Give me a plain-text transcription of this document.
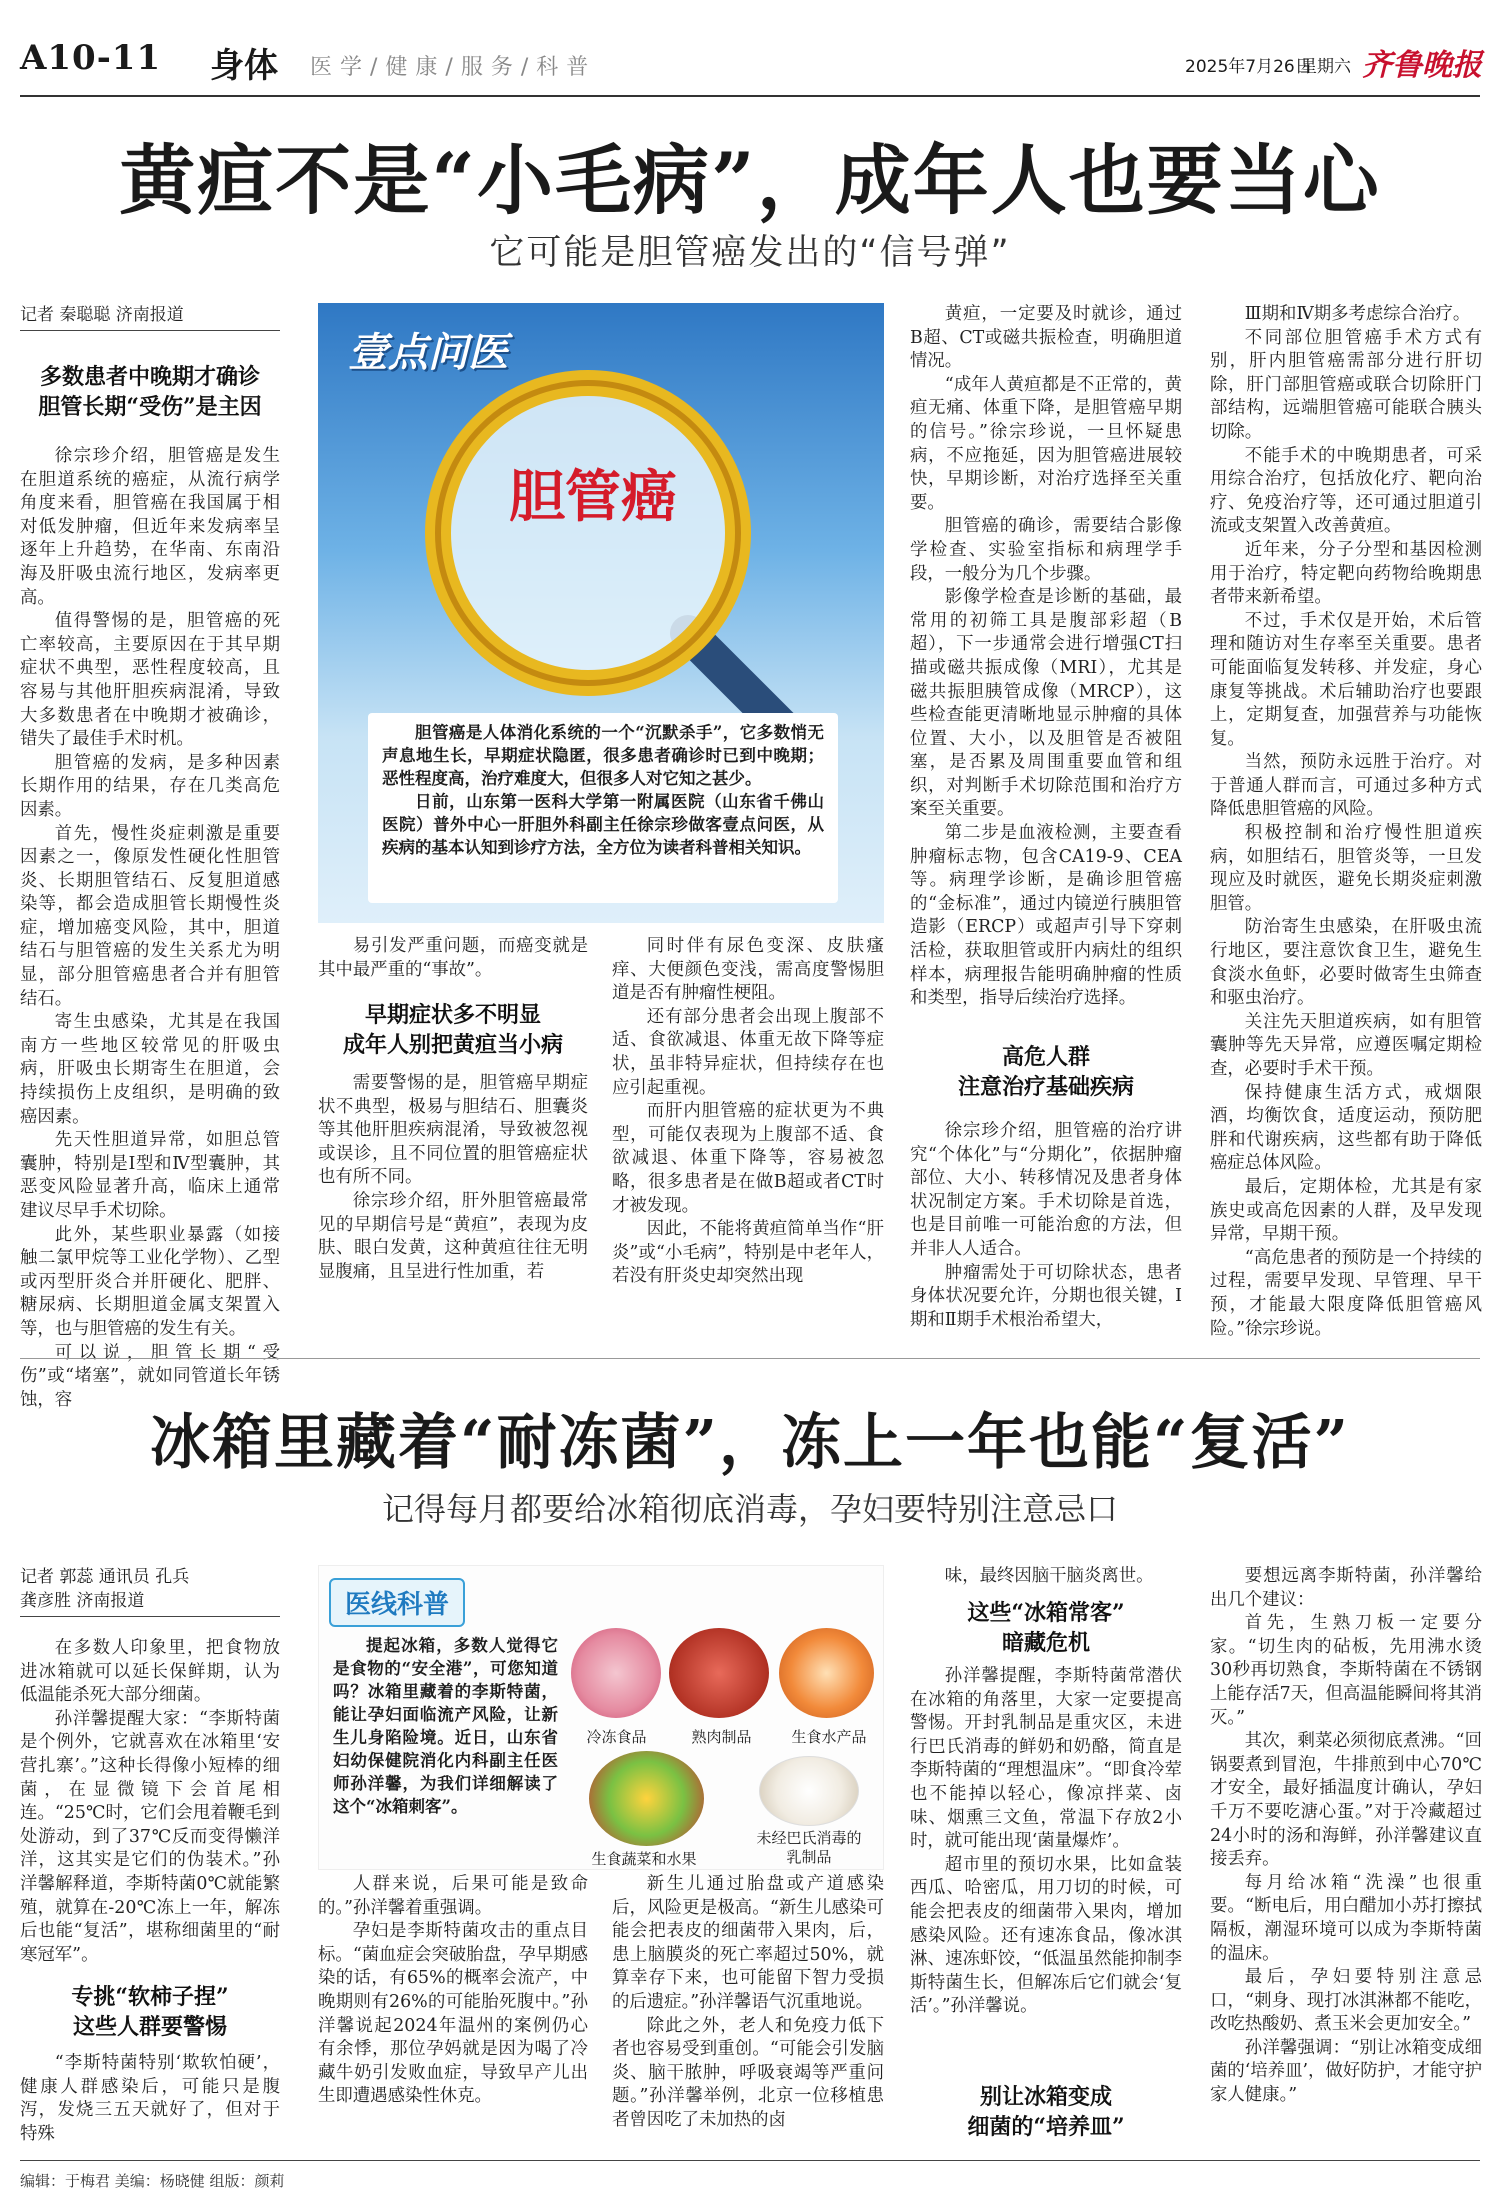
A10-11 身体 医学/健康/服务/科普	2025年7月26日
星期六 齐鲁晚报
黄疸不是“小毛病”，成年人也要当心
它可能是胆管癌发出的“信号弹”
记者 秦聪聪 济南报道
多数患者中晚期才确诊
胆管长期“受伤”是主因

徐宗珍介绍，胆管癌是发生在胆道系统的癌症，从流行病学角度来看，胆管癌在我国属于相对低发肿瘤，但近年来发病率呈逐年上升趋势，在华南、东南沿海及肝吸虫流行地区，发病率更高。

值得警惕的是，胆管癌的死亡率较高，主要原因在于其早期症状不典型，恶性程度较高，且容易与其他肝胆疾病混淆，导致大多数患者在中晚期才被确诊，错失了最佳手术时机。

胆管癌的发病，是多种因素长期作用的结果，存在几类高危因素。

首先，慢性炎症刺激是重要因素之一，像原发性硬化性胆管炎、长期胆管结石、反复胆道感染等，都会造成胆管长期慢性炎症，增加癌变风险，其中，胆道结石与胆管癌的发生关系尤为明显，部分胆管癌患者合并有胆管结石。

寄生虫感染，尤其是在我国南方一些地区较常见的肝吸虫病，肝吸虫长期寄生在胆道，会持续损伤上皮组织，是明确的致癌因素。

先天性胆道异常，如胆总管囊肿，特别是Ⅰ型和Ⅳ型囊肿，其恶变风险显著升高，临床上通常建议尽早手术切除。

此外，某些职业暴露（如接触二氯甲烷等工业化学物）、乙型或丙型肝炎合并肝硬化、肥胖、糖尿病、长期胆道金属支架置入等，也与胆管癌的发生有关。

可以说，胆管长期“受伤”或“堵塞”，就如同管道长年锈蚀，容

壹点问医
胆管癌

胆管癌是人体消化系统的一个“沉默杀手”，它多数悄无声息地生长，早期症状隐匿，很多患者确诊时已到中晚期；恶性程度高，治疗难度大，但很多人对它知之甚少。

日前，山东第一医科大学第一附属医院（山东省千佛山医院）普外中心一肝胆外科副主任徐宗珍做客壹点问医，从疾病的基本认知到诊疗方法，全方位为读者科普相关知识。

易引发严重问题，而癌变就是其中最严重的“事故”。

早期症状多不明显
成年人别把黄疸当小病

需要警惕的是，胆管癌早期症状不典型，极易与胆结石、胆囊炎等其他肝胆疾病混淆，导致被忽视或误诊，且不同位置的胆管癌症状也有所不同。

徐宗珍介绍，肝外胆管癌最常见的早期信号是“黄疸”，表现为皮肤、眼白发黄，这种黄疸往往无明显腹痛，且呈进行性加重，若

同时伴有尿色变深、皮肤瘙痒、大便颜色变浅，需高度警惕胆道是否有肿瘤性梗阻。

还有部分患者会出现上腹部不适、食欲减退、体重无故下降等症状，虽非特异症状，但持续存在也应引起重视。

而肝内胆管癌的症状更为不典型，可能仅表现为上腹部不适、食欲减退、体重下降等，容易被忽略，很多患者是在做B超或者CT时才被发现。

因此，不能将黄疸简单当作“肝炎”或“小毛病”，特别是中老年人，若没有肝炎史却突然出现

黄疸，一定要及时就诊，通过B超、CT或磁共振检查，明确胆道情况。

“成年人黄疸都是不正常的，黄疸无痛、体重下降，是胆管癌早期的信号。”徐宗珍说，一旦怀疑患病，不应拖延，因为胆管癌进展较快，早期诊断，对治疗选择至关重要。

胆管癌的确诊，需要结合影像学检查、实验室指标和病理学手段，一般分为几个步骤。

影像学检查是诊断的基础，最常用的初筛工具是腹部彩超（B超），下一步通常会进行增强CT扫描或磁共振成像（MRI），尤其是磁共振胆胰管成像（MRCP），这些检查能更清晰地显示肿瘤的具体位置、大小，以及胆管是否被阻塞，是否累及周围重要血管和组织，对判断手术切除范围和治疗方案至关重要。

第二步是血液检测，主要查看肿瘤标志物，包含CA19-9、CEA等。病理学诊断，是确诊胆管癌的“金标准”，通过内镜逆行胰胆管造影（ERCP）或超声引导下穿刺活检，获取胆管或肝内病灶的组织样本，病理报告能明确肿瘤的性质和类型，指导后续治疗选择。

高危人群
注意治疗基础疾病

徐宗珍介绍，胆管癌的治疗讲究“个体化”与“分期化”，依据肿瘤部位、大小、转移情况及患者身体状况制定方案。手术切除是首选，也是目前唯一可能治愈的方法，但并非人人适合。

肿瘤需处于可切除状态，患者身体状况要允许，分期也很关键，Ⅰ期和Ⅱ期手术根治希望大，

Ⅲ期和Ⅳ期多考虑综合治疗。

不同部位胆管癌手术方式有别，肝内胆管癌需部分进行肝切除，肝门部胆管癌或联合切除肝门部结构，远端胆管癌可能联合胰头切除。

不能手术的中晚期患者，可采用综合治疗，包括放化疗、靶向治疗、免疫治疗等，还可通过胆道引流或支架置入改善黄疸。

近年来，分子分型和基因检测用于治疗，特定靶向药物给晚期患者带来新希望。

不过，手术仅是开始，术后管理和随访对生存率至关重要。患者可能面临复发转移、并发症，身心康复等挑战。术后辅助治疗也要跟上，定期复查，加强营养与功能恢复。

当然，预防永远胜于治疗。对于普通人群而言，可通过多种方式降低患胆管癌的风险。

积极控制和治疗慢性胆道疾病，如胆结石，胆管炎等，一旦发现应及时就医，避免长期炎症刺激胆管。

防治寄生虫感染，在肝吸虫流行地区，要注意饮食卫生，避免生食淡水鱼虾，必要时做寄生虫筛查和驱虫治疗。

关注先天胆道疾病，如有胆管囊肿等先天异常，应遵医嘱定期检查，必要时手术干预。

保持健康生活方式，戒烟限酒，均衡饮食，适度运动，预防肥胖和代谢疾病，这些都有助于降低癌症总体风险。

最后，定期体检，尤其是有家族史或高危因素的人群，及早发现异常，早期干预。

“高危患者的预防是一个持续的过程，需要早发现、早管理、早干预，才能最大限度降低胆管癌风险。”徐宗珍说。

冰箱里藏着“耐冻菌”，冻上一年也能“复活”
记得每月都要给冰箱彻底消毒，孕妇要特别注意忌口
记者 郭蕊 通讯员 孔兵
龚彦胜 济南报道

在多数人印象里，把食物放进冰箱就可以延长保鲜期，认为低温能杀死大部分细菌。

孙洋馨提醒大家：“李斯特菌是个例外，它就喜欢在冰箱里‘安营扎寨’。”这种长得像小短棒的细菌，在显微镜下会首尾相连。“25℃时，它们会甩着鞭毛到处游动，到了37℃反而变得懒洋洋，这其实是它们的伪装术。”孙洋馨解释道，李斯特菌0℃就能繁殖，就算在-20℃冻上一年，解冻后也能“复活”，堪称细菌里的“耐寒冠军”。

专挑“软柿子捏”
这些人群要警惕

“李斯特菌特别‘欺软怕硬’，健康人群感染后，可能只是腹泻，发烧三五天就好了，但对于特殊

医线科普
提起冰箱，多数人觉得它是食物的“安全港”，可您知道吗？冰箱里藏着的李斯特菌，能让孕妇面临流产风险，让新生儿身陷险境。近日，山东省妇幼保健院消化内科副主任医师孙洋馨，为我们详细解读了这个“冰箱刺客”。
冷冻食品	熟肉制品	生食水产品
生食蔬菜和水果
未经巴氏消毒的
乳制品

人群来说，后果可能是致命的。”孙洋馨着重强调。

孕妇是李斯特菌攻击的重点目标。“菌血症会突破胎盘，孕早期感染的话，有65%的概率会流产，中晚期则有26%的可能胎死腹中。”孙洋馨说起2024年温州的案例仍心有余悸，那位孕妈就是因为喝了冷藏牛奶引发败血症，导致早产儿出生即遭遇感染性休克。

新生儿通过胎盘或产道感染后，风险更是极高。“新生儿感染可能会把表皮的细菌带入果肉，后，患上脑膜炎的死亡率超过50%，就算幸存下来，也可能留下智力受损的后遗症。”孙洋馨语气沉重地说。

除此之外，老人和免疫力低下者也容易受到重创。“可能会引发脑炎、脑干脓肿，呼吸衰竭等严重问题。”孙洋馨举例，北京一位移植患者曾因吃了未加热的卤

味，最终因脑干脑炎离世。

这些“冰箱常客”
暗藏危机

孙洋馨提醒，李斯特菌常潜伏在冰箱的角落里，大家一定要提高警惕。开封乳制品是重灾区，未进行巴氏消毒的鲜奶和奶酪，简直是李斯特菌的“理想温床”。“即食冷荤也不能掉以轻心，像凉拌菜、卤味、烟熏三文鱼，常温下存放2小时，就可能出现‘菌量爆炸’。

超市里的预切水果，比如盒装西瓜、哈密瓜，用刀切的时候，可能会把表皮的细菌带入果肉，增加感染风险。还有速冻食品，像冰淇淋、速冻虾饺，“低温虽然能抑制李斯特菌生长，但解冻后它们就会‘复活’。”孙洋馨说。

别让冰箱变成
细菌的“培养皿”

要想远离李斯特菌，孙洋馨给出几个建议：

首先，生熟刀板一定要分家。“切生肉的砧板，先用沸水烫30秒再切熟食，李斯特菌在不锈钢上能存活7天，但高温能瞬间将其消灭。”

其次，剩菜必须彻底煮沸。“回锅要煮到冒泡，牛排煎到中心70℃才安全，最好插温度计确认，孕妇千万不要吃溏心蛋。”对于冷藏超过24小时的汤和海鲜，孙洋馨建议直接丢弃。

每月给冰箱“洗澡”也很重要。“断电后，用白醋加小苏打擦拭隔板，潮湿环境可以成为李斯特菌的温床。

最后，孕妇要特别注意忌口，“刺身、现打冰淇淋都不能吃，改吃热酸奶、煮玉米会更加安全。”

孙洋馨强调：“别让冰箱变成细菌的‘培养皿’，做好防护，才能守护家人健康。”

编辑：于梅君 美编：杨晓健 组版：颜莉
